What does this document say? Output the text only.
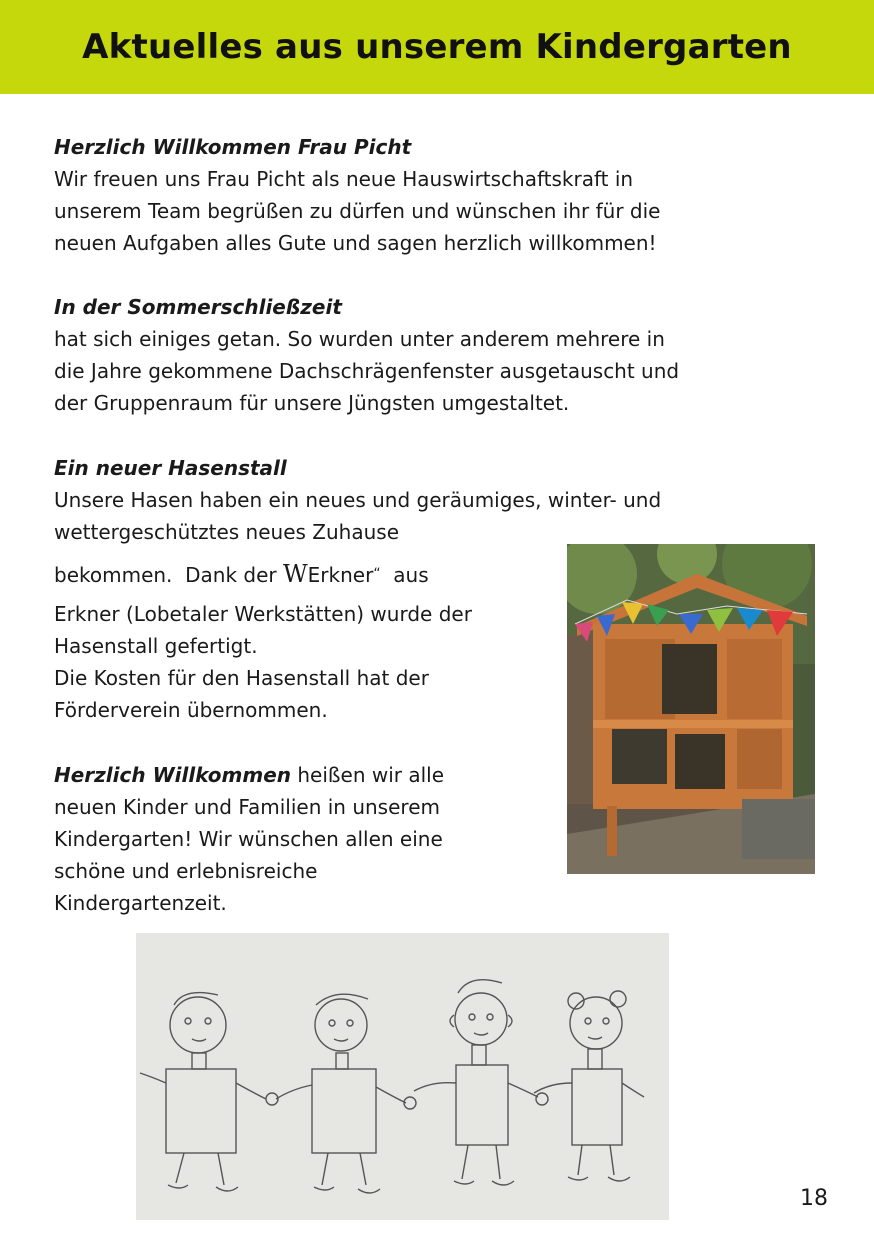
Aktuelles aus unserem Kindergarten
Herzlich Willkommen Frau Picht
Wir freuen uns Frau Picht als neue Hauswirtschaftskraft in
unserem Team begrüßen zu dürfen und wünschen ihr für die
neuen Aufgaben alles Gute und sagen herzlich willkommen!
In der Sommerschließzeit
hat sich einiges getan. So wurden unter anderem mehrere in
die Jahre gekommene Dachschrägenfenster ausgetauscht und
der Gruppenraum für unsere Jüngsten umgestaltet.
Ein neuer Hasenstall
Unsere Hasen haben ein neues und geräumiges, winter- und
wettergeschütztes neues Zuhause
bekommen.  Dank der WErkner“  aus
Erkner (Lobetaler Werkstätten) wurde der
Hasenstall gefertigt.
Die Kosten für den Hasenstall hat der
Förderverein übernommen.
Herzlich Willkommen heißen wir alle
neuen Kinder und Familien in unserem
Kindergarten! Wir wünschen allen eine
schöne und erlebnisreiche
Kindergartenzeit.
18
